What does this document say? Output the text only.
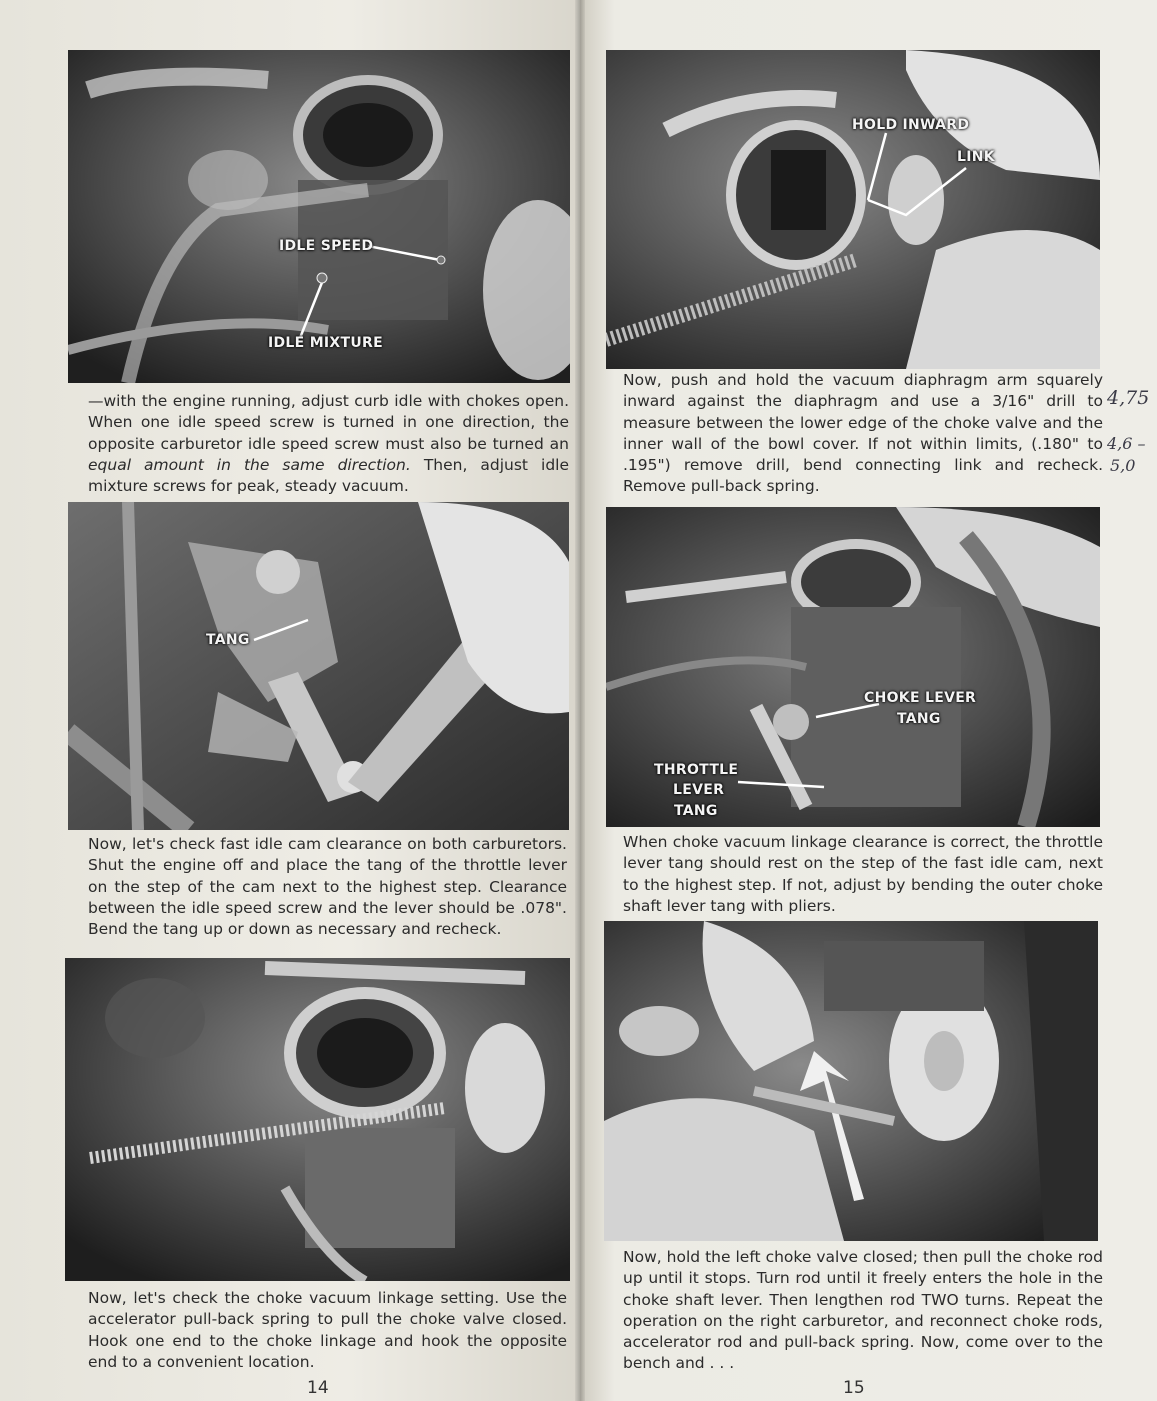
IDLE SPEED
IDLE MIXTURE

—with the engine running, adjust curb idle with chokes open. When one idle speed screw is turned in one direction, the opposite carburetor idle speed screw must also be turned an equal amount in the same direction. Then, adjust idle mixture screws for peak, steady vacuum.

TANG

Now, let's check fast idle cam clearance on both carburetors. Shut the engine off and place the tang of the throttle lever on the step of the cam next to the highest step. Clearance between the idle speed screw and the lever should be .078". Bend the tang up or down as necessary and recheck.

Now, let's check the choke vacuum linkage setting. Use the accelerator pull-back spring to pull the choke valve closed. Hook one end to the choke linkage and hook the opposite end to a convenient location.

14
HOLD INWARD
LINK

Now, push and hold the vacuum diaphragm arm squarely inward against the diaphragm and use a 3/16" drill to measure between the lower edge of the choke valve and the inner wall of the bowl cover. If not within limits, (.180" to .195") remove drill, bend connecting link and recheck. Remove pull-back spring.

4,75
4,6 –
5,0
CHOKE LEVER
TANG
THROTTLE
LEVER
TANG

When choke vacuum linkage clearance is correct, the throttle lever tang should rest on the step of the fast idle cam, next to the highest step. If not, adjust by bending the outer choke shaft lever tang with pliers.

Now, hold the left choke valve closed; then pull the choke rod up until it stops. Turn rod until it freely enters the hole in the choke shaft lever. Then lengthen rod TWO turns. Repeat the operation on the right carburetor, and reconnect choke rods, accelerator rod and pull-back spring. Now, come over to the bench and . . .

15
